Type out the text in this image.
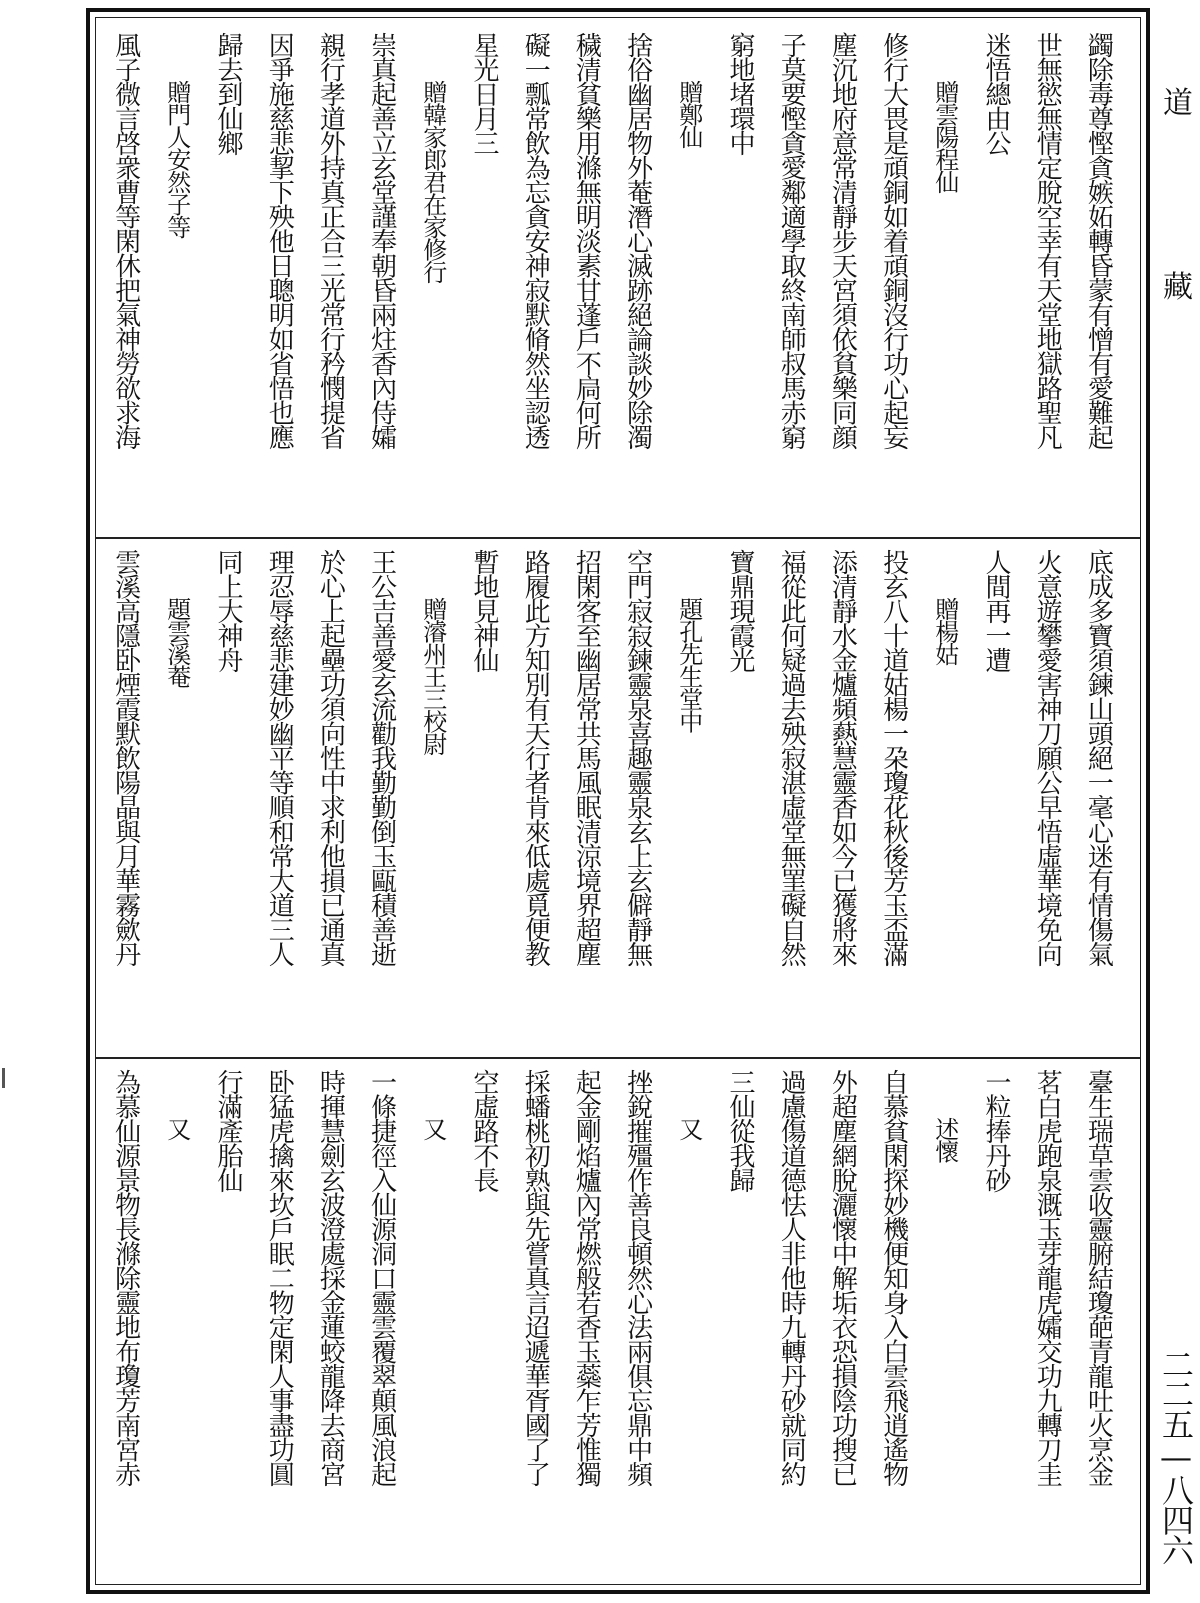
道
藏
二二五—八四六
蠲除毒尊慳貪嫉妬轉昏蒙有憎有愛難起
世無慾無情定脫空幸有天堂地獄路聖凡
迷悟總由公
贈雲陽程仙
修行大畏是頑銅如着頑銅沒行功心起妄
塵沉地府意常清靜步天宮須依貧樂同顔
子莫要慳貪愛鄰適學取終南師叔馬赤窮
窮地堵環中
贈鄭仙
捨俗幽居物外菴潛心滅跡絕論談妙除濁
穢清貧樂用滌無明淡素甘蓬戶不扃何所
礙一瓢常飲為忘貪安神寂默脩然坐認透
星光日月三
贈韓家郎君在家修行
崇真起善立玄堂謹奉朝昏兩炷香內侍孀
親行孝道外持真正合三光常行矜憫提省
因爭施慈悲挈下殃他日聰明如省悟也應
歸去到仙鄉
贈門人安然子等
風子微言啓衆曹等閑休把氣神勞欲求海
底成多寶須鍊山頭絕一毫心迷有情傷氣
火意遊攀愛害神刀願公早悟虛華境免向
人間再一遭
贈楊姑
投玄八十道姑楊一朶瓊花秋後芳玉盃滿
添清靜水金爐頻爇慧靈香如今已獲將來
福從此何疑過去殃寂湛虛堂無罣礙自然
寶鼎現霞光
題孔先生堂中
空門寂寂鍊靈泉喜趣靈泉玄上玄僻靜無
招閑客至幽居常共馬風眠清涼境界超塵
路履此方知別有天行者肯來低處覓便教
暫地見神仙
贈濬州王三校尉
王公吉善愛玄流勸我勤勤倒玉甌積善逝
於心上起壘功須向性中求利他損已通真
理忍辱慈悲建妙幽平等順和常大道三人
同上大神舟
題雲溪菴
雲溪高隱卧煙霞默飲陽晶與月華霧歛丹
臺生瑞草雲收靈腑結瓊葩青龍吐火烹金
茗白虎跑泉溉玉芽龍虎孀交功九轉刀圭
一粒捧丹砂
述懷
自慕貧閑探妙機便知身入白雲飛逍遙物
外超塵網脫灑懷中解垢衣恐損陰功搜已
過慮傷道德怯人非他時九轉丹砂就同約
三仙從我歸
又
挫銳摧殭作善良頓然心法兩俱忘鼎中頻
起金剛焰爐內常燃般若香玉蘂乍芳惟獨
採蟠桃初熟與先嘗真言迢遞華胥國了了
空虛路不長
又
一條捷徑入仙源洞口靈雲覆翠顛風浪起
時揮慧劍玄波澄處採金蓮蛟龍降去商宮
卧猛虎擒來坎戶眠二物定閑人事盡功圓
行滿產胎仙
又
為慕仙源景物長滌除靈地布瓊芳南宮赤
